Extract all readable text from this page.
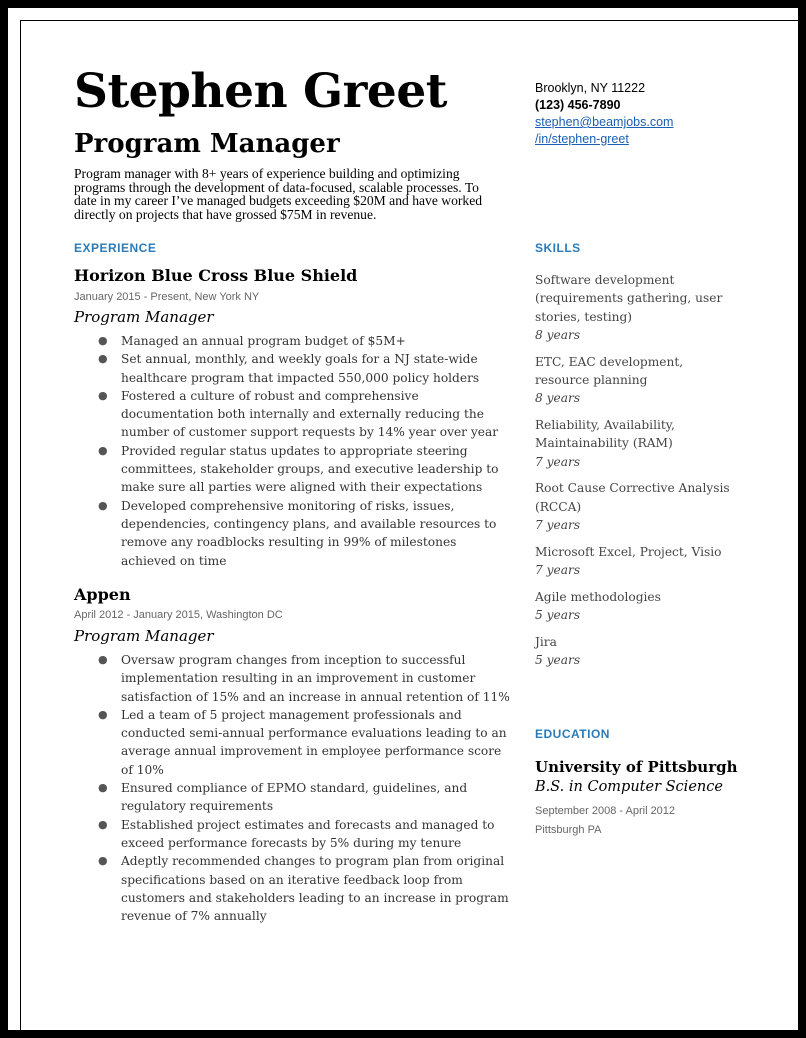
Stephen Greet
Program Manager

Program manager with 8+ years of experience building and optimizing programs through the development of data-focused, scalable processes. To date in my career I’ve managed budgets exceeding $20M and have worked directly on projects that have grossed $75M in revenue.

Brooklyn, NY 11222
(123) 456-7890
stephen@beamjobs.com
/in/stephen-greet
EXPERIENCE
Horizon Blue Cross Blue Shield

January 2015 - Present, New York NY

Program Manager

● Managed an annual program budget of $5M+
● Set annual, monthly, and weekly goals for a NJ state-wide healthcare program that impacted 550,000 policy holders
● Fostered a culture of robust and comprehensive documentation both internally and externally reducing the number of customer support requests by 14% year over year
● Provided regular status updates to appropriate steering committees, stakeholder groups, and executive leadership to make sure all parties were aligned with their expectations
● Developed comprehensive monitoring of risks, issues, dependencies, contingency plans, and available resources to remove any roadblocks resulting in 99% of milestones achieved on time
Appen

April 2012 - January 2015, Washington DC

Program Manager

● Oversaw program changes from inception to successful implementation resulting in an improvement in customer satisfaction of 15% and an increase in annual retention of 11%
● Led a team of 5 project management professionals and conducted semi-annual performance evaluations leading to an average annual improvement in employee performance score of 10%
● Ensured compliance of EPMO standard, guidelines, and regulatory requirements
● Established project estimates and forecasts and managed to exceed performance forecasts by 5% during my tenure
● Adeptly recommended changes to program plan from original specifications based on an iterative feedback loop from customers and stakeholders leading to an increase in program revenue of 7% annually
SKILLS
Software development (requirements gathering, user stories, testing)
8 years
ETC, EAC development, resource planning
8 years
Reliability, Availability, Maintainability (RAM)
7 years
Root Cause Corrective Analysis (RCCA)
7 years
Microsoft Excel, Project, Visio
7 years
Agile methodologies
5 years
Jira
5 years
EDUCATION
University of Pittsburgh

B.S. in Computer Science

September 2008 - April 2012

Pittsburgh PA
